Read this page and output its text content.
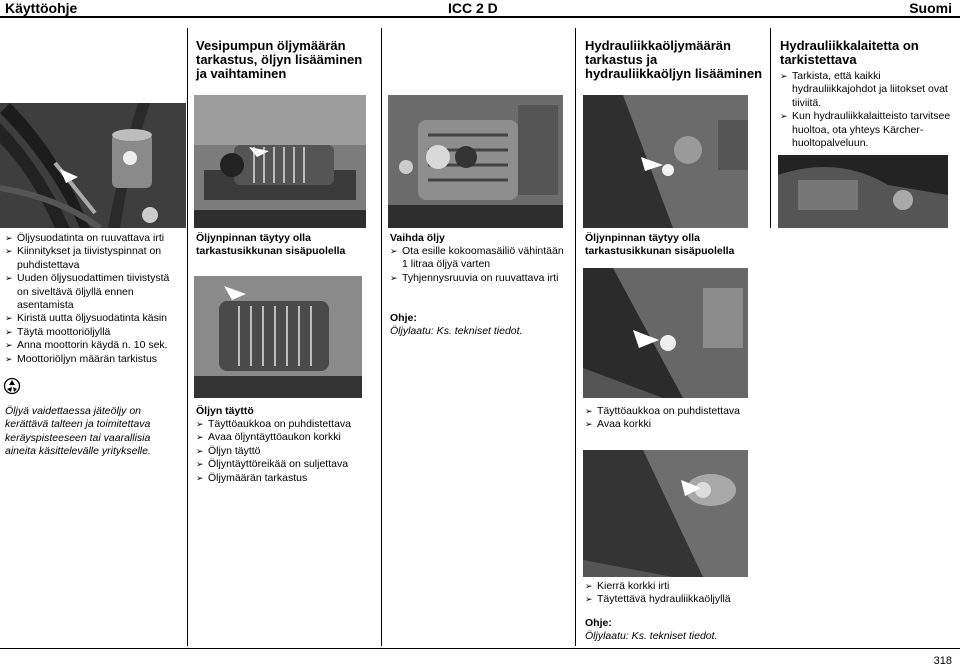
Käyttöohje	ICC 2 D	Suomi
318
➢ Öljysuodatinta on ruuvattava irti
➢ Kiinnitykset ja tiivistyspinnat on puhdistettava
➢ Uuden öljysuodattimen tiivistystä on siveltävä öljyllä ennen asentamista
➢ Kiristä uutta öljysuodatinta käsin
➢ Täytä moottoriöljyllä
➢ Anna moottorin käydä n. 10 sek.
➢ Moottoriöljyn määrän tarkistus
Öljyä vaidettaessa jäteöljy on kerättävä talteen ja toimitettava keräyspisteeseen tai vaarallisia aineita käsittelevälle yritykselle.
Vesipumpun öljymäärän tarkastus, öljyn lisääminen ja vaihtaminen
Öljynpinnan täytyy olla tarkastusikkunan sisäpuolella
Öljyn täyttö
➢ Täyttöaukkoa on puhdistettava
➢ Avaa öljyntäyttöaukon korkki
➢ Öljyn täyttö
➢ Öljyntäyttöreikää on suljettava
➢ Öljymäärän tarkastus
Vaihda öljy
➢ Ota esille kokoomasäiliö vähintään 1 litraa öljyä varten
➢ Tyhjennysruuvia on ruuvattava irti
Ohje:
Öljylaatu: Ks. tekniset tiedot.
Hydrauliikkaöljymäärän tarkastus ja hydrauliikkaöljyn lisääminen
Öljynpinnan täytyy olla tarkastusikkunan sisäpuolella
➢ Täyttöaukkoa on puhdistettava
➢ Avaa korkki
➢ Kierrä korkki irti
➢ Täytettävä hydrauliikkaöljyllä
Ohje:
Öljylaatu: Ks. tekniset tiedot.
Hydrauliikkalaitetta on tarkistettava
➢ Tarkista, että kaikki hydrauliikkajohdot ja liitokset ovat tiiviitä.
➢ Kun hydrauliikkalaitteisto tarvitsee huoltoa, ota yhteys Kärcher-huoltopalveluun.
